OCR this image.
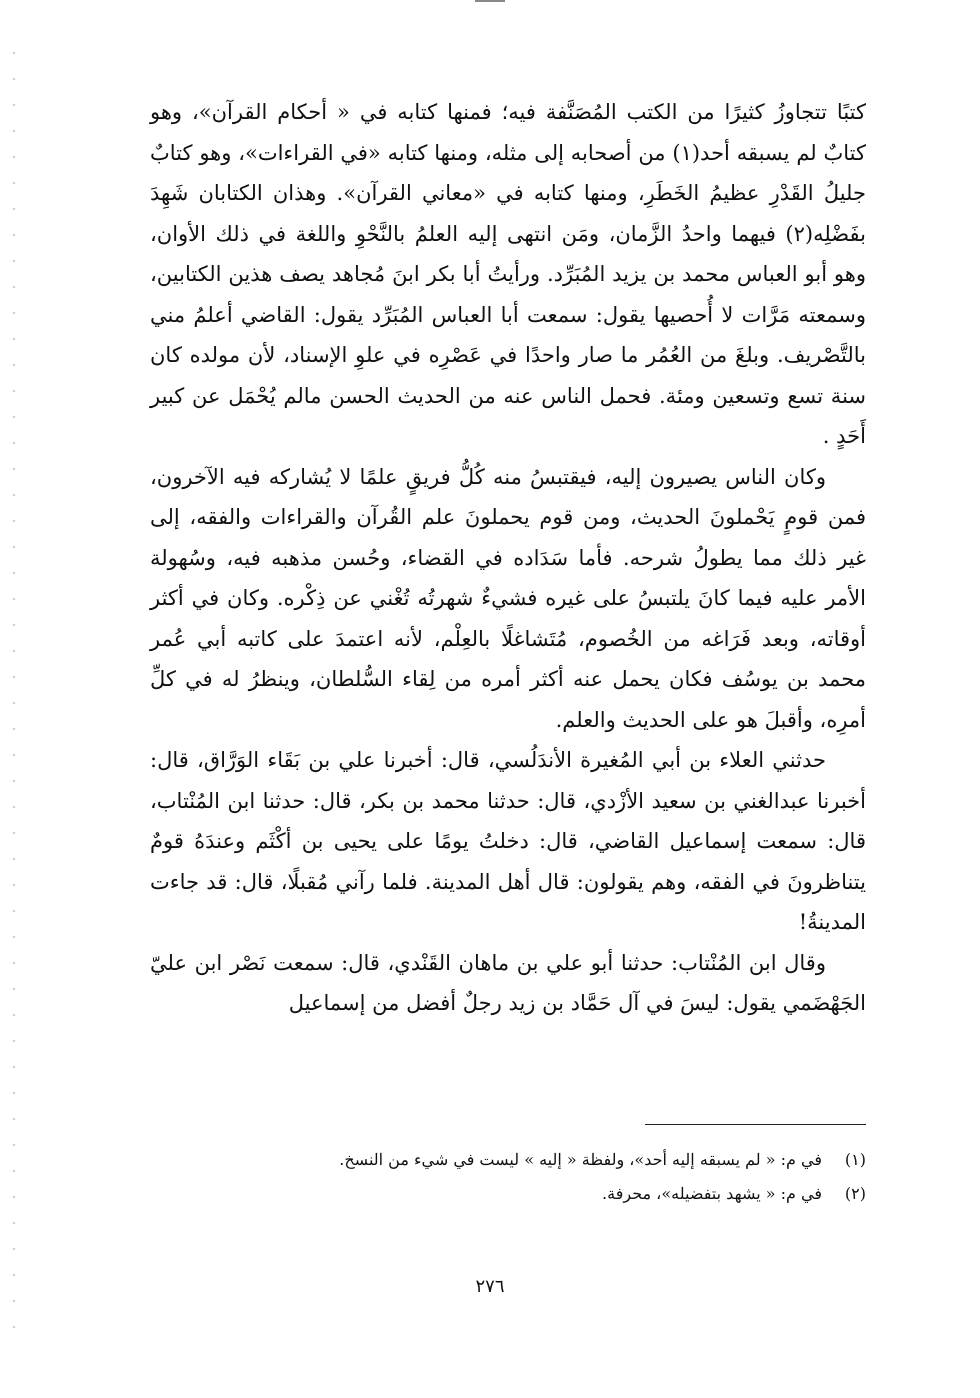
كتبًا تتجاوزُ كثيرًا من الكتب المُصَنَّفة فيه؛ فمنها كتابه في « أحكام القرآن»، وهو كتابٌ لم يسبقه أحد(١) من أصحابه إلى مثله، ومنها كتابه «في القراءات»، وهو كتابٌ جليلُ القَدْرِ عظيمُ الخَطَرِ، ومنها كتابه في «معاني القرآن». وهذان الكتابان شَهِدَ بفَضْلِه(٢) فيهما واحدُ الزَّمان، ومَن انتهى إليه العلمُ بالنَّحْوِ واللغة في ذلك الأوان، وهو أبو العباس محمد بن يزيد المُبَرِّد. ورأيتُ أبا بكر ابنَ مُجاهد يصف هذين الكتابين، وسمعته مَرَّات لا أُحصيها يقول: سمعت أبا العباس المُبَرِّد يقول: القاضي أعلمُ مني بالتَّصْريف. وبلغَ من العُمُر ما صار واحدًا في عَصْرِه في علوِ الإسناد، لأن مولده كان سنة تسع وتسعين ومئة. فحمل الناس عنه من الحديث الحسن مالم يُحْمَل عن كبير أَحَدٍ .

وكان الناس يصيرون إليه، فيقتبسُ منه كُلُّ فريقٍ علمًا لا يُشاركه فيه الآخرون، فمن قومٍ يَحْملونَ الحديث، ومن قوم يحملونَ علم القُرآن والقراءات والفقه، إلى غير ذلك مما يطولُ شرحه. فأما سَدَاده في القضاء، وحُسن مذهبه فيه، وسُهولة الأمر عليه فيما كانَ يلتبسُ على غيره فشيءٌ شهرتُه تُغْني عن ذِكْره. وكان في أكثر أوقاته، وبعد فَرَاغه من الخُصوم، مُتَشاغلًا بالعِلْم، لأنه اعتمدَ على كاتبه أبي عُمر محمد بن يوسُف فكان يحمل عنه أكثر أمره من لِقاء السُّلطان، وينظرُ له في كلِّ أمرِه، وأقبلَ هو على الحديث والعلم.

حدثني العلاء بن أبي المُغيرة الأندَلُسي، قال: أخبرنا علي بن بَقَاء الوَرَّاق، قال: أخبرنا عبدالغني بن سعيد الأزْدي، قال: حدثنا محمد بن بكر، قال: حدثنا ابن المُنْتاب، قال: سمعت إسماعيل القاضي، قال: دخلتُ يومًا على يحيى بن أكْثَم وعندَهُ قومٌ يتناظرونَ في الفقه، وهم يقولون: قال أهل المدينة. فلما رآني مُقبلًا، قال: قد جاءت المدينةُ!

وقال ابن المُنْتاب: حدثنا أبو علي بن ماهان القَنْدي، قال: سمعت نَصْر ابن عليّ الجَهْضَمي يقول: ليسَ في آل حَمَّاد بن زيد رجلٌ أفضل من إسماعيل

(١)
في م: « لم يسبقه إليه أحد»، ولفظة « إليه » ليست في شيء من النسخ.
(٢)
في م: « يشهد بتفضيله»، محرفة.
٢٧٦
